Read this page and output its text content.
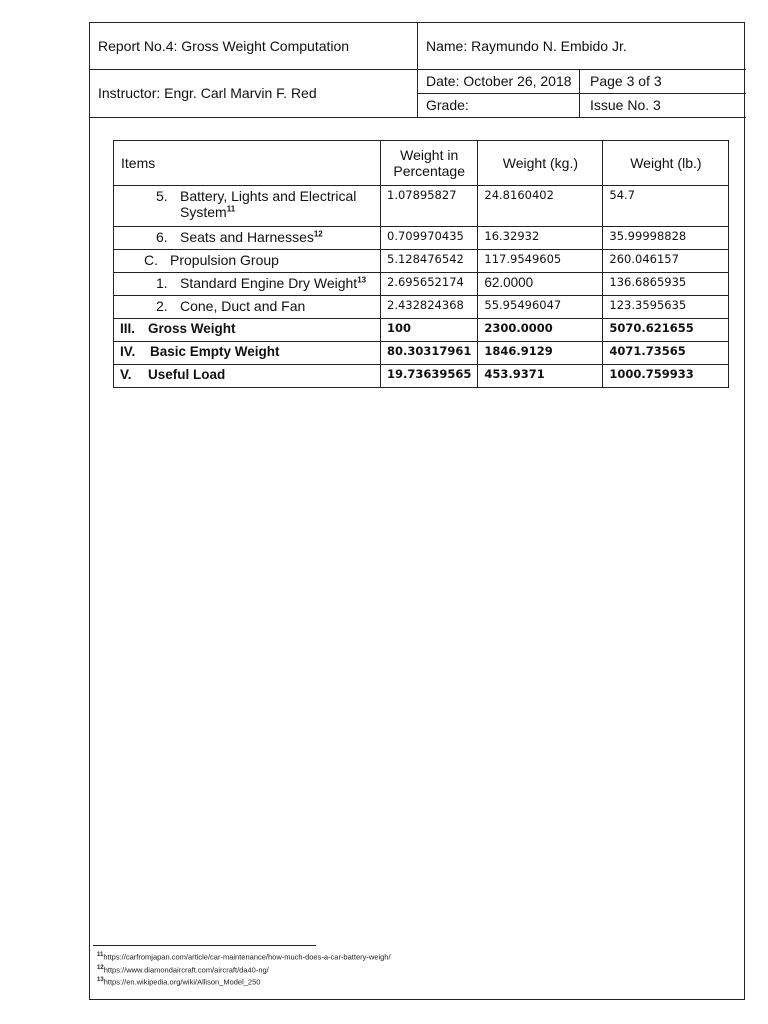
Report No.4: Gross Weight Computation	Name: Raymundo N. Embido Jr.
Instructor: Engr. Carl Marvin F. Red
Date: October 26, 2018 Page 3 of 3
Grade:	Issue No. 3
Items	Weight in Percentage	Weight (kg.)	Weight (lb.)

5. Battery, Lights and Electrical
System$^{11}$	1.07895827	24.8160402	54.7

6. Seats and Harnesses$^{12}$	0.709970435	16.32932	35.99998828

C. Propulsion Group	5.128476542	117.9549605	260.046157

1. Standard Engine Dry Weight$^{13}$	2.695652174	62.0000	136.6865935

2. Cone, Duct and Fan	2.432824368	55.95496047	123.3595635

III. Gross Weight	100	2300.0000	5070.621655

IV. Basic Empty Weight	80.30317961	1846.9129	4071.73565

V. Useful Load	19.73639565	453.9371	1000.759933
$^{11}$https://carfromjapan.com/article/car-maintenance/how-much-does-a-car-battery-weigh/
$^{12}$https://www.diamondaircraft.com/aircraft/da40-ng/
$^{13}$https://en.wikipedia.org/wiki/Allison_Model_250
